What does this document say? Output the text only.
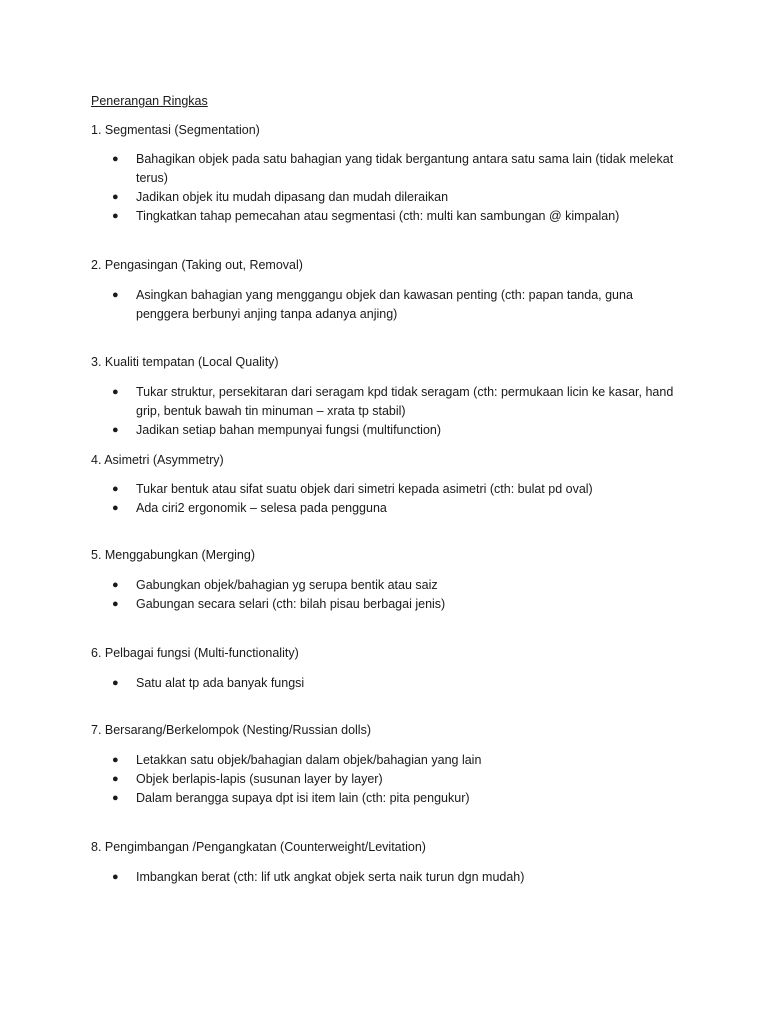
Penerangan Ringkas
1. Segmentasi (Segmentation)
● Bahagikan objek pada satu bahagian yang tidak bergantung antara satu sama lain (tidak melekat terus)
● Jadikan objek itu mudah dipasang dan mudah dileraikan
● Tingkatkan tahap pemecahan atau segmentasi (cth: multi kan sambungan @ kimpalan)
2. Pengasingan (Taking out, Removal)
● Asingkan bahagian yang menggangu objek dan kawasan penting (cth: papan tanda, guna penggera berbunyi anjing tanpa adanya anjing)
3. Kualiti tempatan (Local Quality)
● Tukar struktur, persekitaran dari seragam kpd tidak seragam (cth: permukaan licin ke kasar, hand grip, bentuk bawah tin minuman – xrata tp stabil)
● Jadikan setiap bahan mempunyai fungsi (multifunction)
4. Asimetri (Asymmetry)
● Tukar bentuk atau sifat suatu objek dari simetri kepada asimetri (cth: bulat pd oval)
● Ada ciri2 ergonomik – selesa pada pengguna
5. Menggabungkan (Merging)
● Gabungkan objek/bahagian yg serupa bentik atau saiz
● Gabungan secara selari (cth: bilah pisau berbagai jenis)
6. Pelbagai fungsi (Multi-functionality)
● Satu alat tp ada banyak fungsi
7. Bersarang/Berkelompok (Nesting/Russian dolls)
● Letakkan satu objek/bahagian dalam objek/bahagian yang lain
● Objek berlapis-lapis (susunan layer by layer)
● Dalam berangga supaya dpt isi item lain (cth: pita pengukur)
8. Pengimbangan /Pengangkatan (Counterweight/Levitation)
● Imbangkan berat (cth: lif utk angkat objek serta naik turun dgn mudah)
